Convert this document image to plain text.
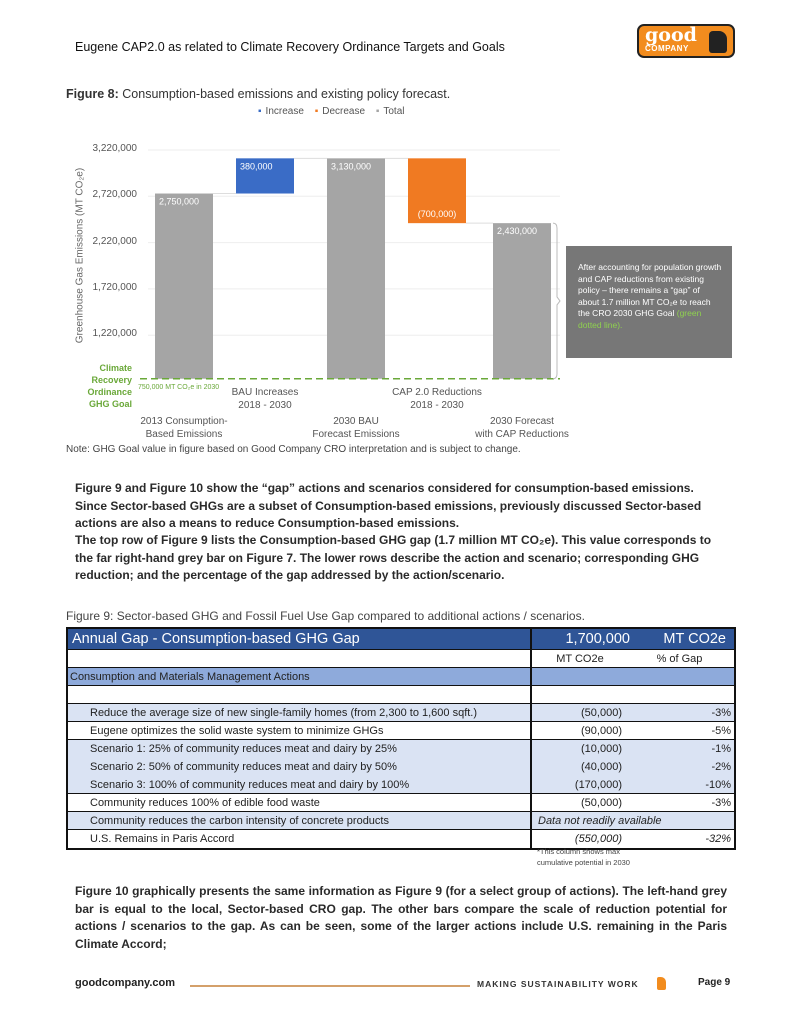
Eugene CAP2.0 as related to Climate Recovery Ordinance Targets and Goals
good
COMPANY
Figure 8: Consumption-based emissions and existing policy forecast.
▪ Increase ▪ Decrease ▪ Total
Greenhouse Gas Emissions (MT CO₂e)
3,220,000
2,720,000
2,220,000
1,720,000
1,220,000
2,750,000
380,000	3,130,000
(700,000)
2,430,000
2013 Consumption-
Based Emissions
BAU Increases
2018 - 2030
2030 BAU
Forecast Emissions
CAP 2.0 Reductions
2018 - 2030
2030 Forecast
with CAP Reductions
Climate Recovery Ordinance GHG Goal
750,000 MT CO₂e in 2030
After accounting for population growth and CAP reductions from existing policy – there remains a “gap” of about 1.7 million MT CO₂e to reach the CRO 2030 GHG Goal (green dotted line).
Note: GHG Goal value in figure based on Good Company CRO interpretation and is subject to change.

Figure 9 and Figure 10 show the “gap” actions and scenarios considered for consumption-based emissions. Since Sector-based GHGs are a subset of Consumption-based emissions, previously discussed Sector-based actions are also a means to reduce Consumption-based emissions.

The top row of Figure 9 lists the Consumption-based GHG gap (1.7 million MT CO₂e). This value corresponds to the far right-hand grey bar on Figure 7. The lower rows describe the action and scenario; corresponding GHG reduction; and the percentage of the gap addressed by the action/scenario.

Figure 9: Sector-based GHG and Fossil Fuel Use Gap compared to additional actions / scenarios.
Annual Gap - Consumption-based GHG Gap	1,700,000	MT CO2e
MT CO2e	% of Gap
Consumption and Materials Management Actions
Reduce the average size of new single-family homes (from 2,300 to 1,600 sqft.)	(50,000)	-3%
Eugene optimizes the solid waste system to minimize GHGs	(90,000)	-5%
Scenario 1: 25% of community reduces meat and dairy by 25%	(10,000)	-1%
Scenario 2: 50% of community reduces meat and dairy by 50%	(40,000)	-2%
Scenario 3: 100% of community reduces meat and dairy by 100%	(170,000)	-10%
Community reduces 100% of edible food waste	(50,000)	-3%
Community reduces the carbon intensity of concrete products	Data not readily available
U.S. Remains in Paris Accord	(550,000)	-32%
*This column shows max cumulative potential in 2030

Figure 10 graphically presents the same information as Figure 9 (for a select group of actions). The left-hand grey bar is equal to the local, Sector-based CRO gap. The other bars compare the scale of reduction potential for actions / scenarios to the gap. As can be seen, some of the larger actions include U.S. remaining in the Paris Climate Accord;

goodcompany.com	MAKING SUSTAINABILITY WORK	Page 9
